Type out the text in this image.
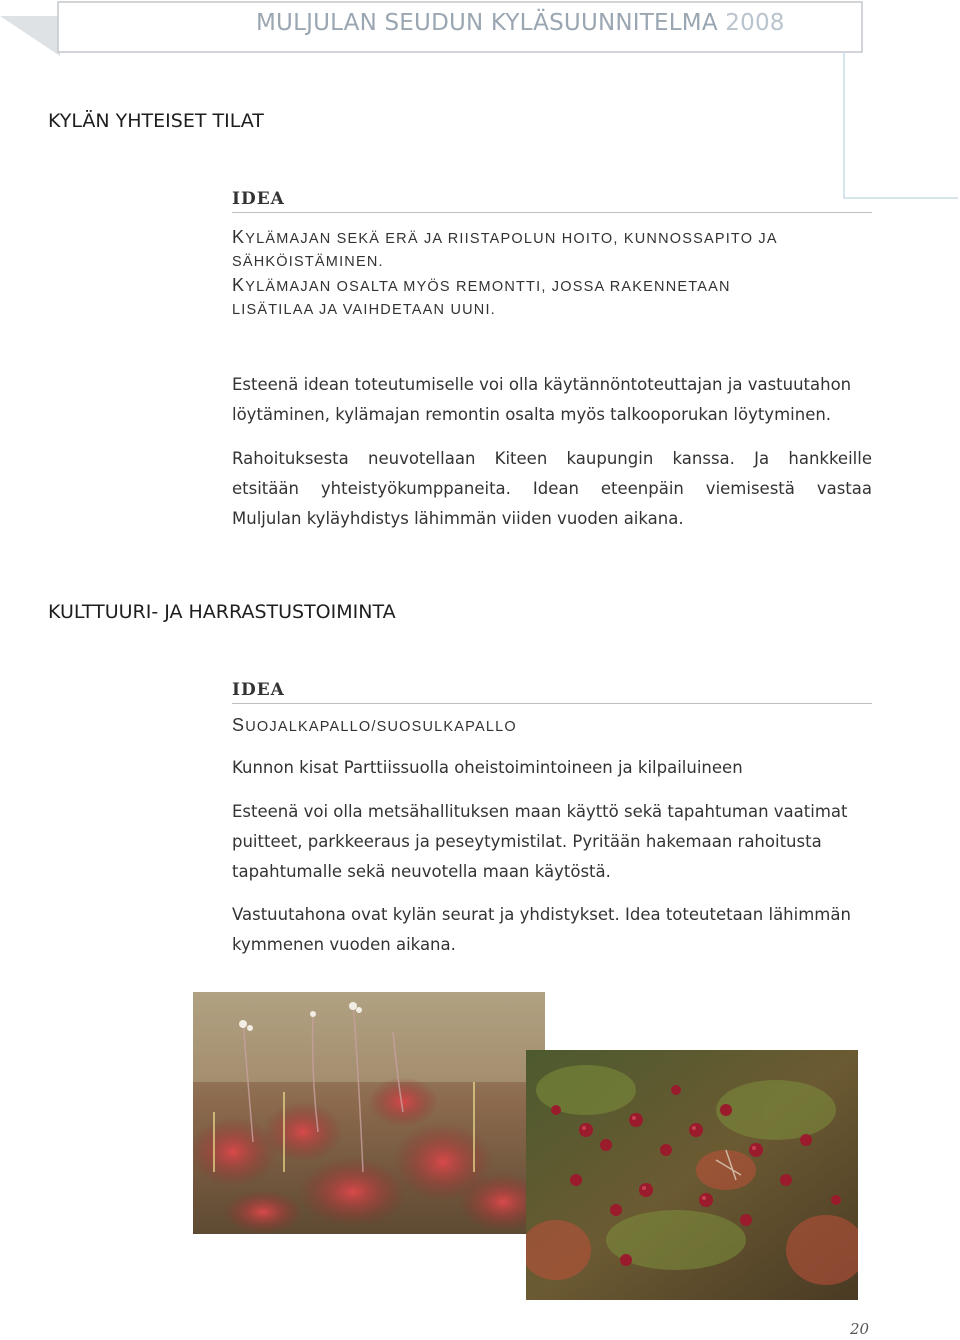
MULJULAN SEUDUN KYLÄSUUNNITELMA 2008
KYLÄN YHTEISET TILAT
IDEA
KYLÄMAJAN SEKÄ ERÄ JA RIISTAPOLUN HOITO, KUNNOSSAPITO JA
SÄHKÖISTÄMINEN.
KYLÄMAJAN OSALTA MYÖS REMONTTI, JOSSA RAKENNETAAN
LISÄTILAA JA VAIHDETAAN UUNI.
Esteenä idean toteutumiselle voi olla käytännöntoteuttajan ja vastuutahon
löytäminen, kylämajan remontin osalta myös talkooporukan löytyminen.
Rahoituksesta neuvotellaan Kiteen kaupungin kanssa. Ja hankkeille
etsitään yhteistyökumppaneita. Idean eteenpäin viemisestä vastaa
Muljulan kyläyhdistys lähimmän viiden vuoden aikana.
KULTTUURI- JA HARRASTUSTOIMINTA
IDEA
SUOJALKAPALLO/SUOSULKAPALLO
Kunnon kisat Parttiissuolla oheistoimintoineen ja kilpailuineen
Esteenä voi olla metsähallituksen maan käyttö sekä tapahtuman vaatimat
puitteet, parkkeeraus ja peseytymistilat. Pyritään hakemaan rahoitusta
tapahtumalle sekä neuvotella maan käytöstä.
Vastuutahona ovat kylän seurat ja yhdistykset. Idea toteutetaan lähimmän
kymmenen vuoden aikana.
20
